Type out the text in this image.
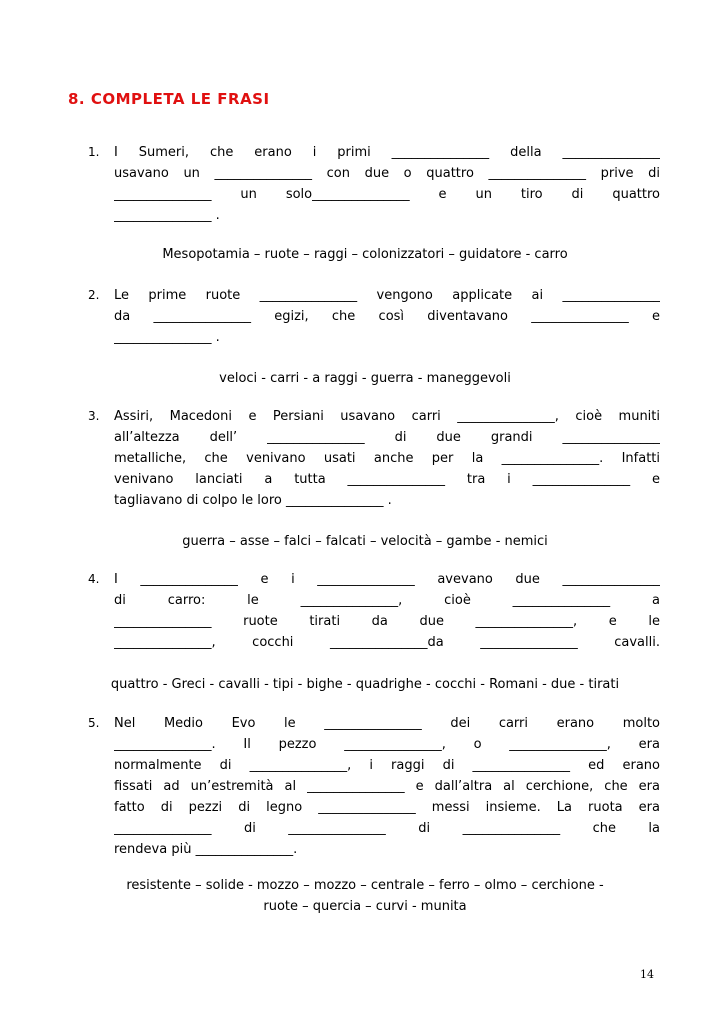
8. COMPLETA LE FRASI
1.	I Sumeri, che erano i primi _______________ della _______________
usavano un _______________ con due o quattro _______________ prive di
_______________ un solo_______________ e un tiro di quattro
_______________ .
Mesopotamia – ruote – raggi – colonizzatori – guidatore - carro
2.	Le prime ruote _______________ vengono applicate ai _______________
da _______________ egizi, che così diventavano _______________ e
_______________ .
veloci - carri - a raggi - guerra - maneggevoli
3.	Assiri, Macedoni e Persiani usavano carri _______________, cioè muniti
all’altezza dell’ _______________ di due grandi _______________
metalliche, che venivano usati anche per la _______________. Infatti
venivano lanciati a tutta _______________ tra i _______________ e
tagliavano di colpo le loro _______________ .
guerra – asse – falci – falcati – velocità – gambe - nemici
4.	I _______________ e i _______________ avevano due _______________
di carro: le _______________, cioè _______________ a
_______________ ruote tirati da due _______________, e le
_______________, cocchi _______________da _______________ cavalli.
quattro - Greci - cavalli - tipi - bighe - quadrighe - cocchi - Romani - due - tirati
5.	Nel Medio Evo le _______________ dei carri erano molto
_______________. Il pezzo _______________, o _______________, era
normalmente di _______________, i raggi di _______________ ed erano
fissati ad un’estremità al _______________ e dall’altra al cerchione, che era
fatto di pezzi di legno _______________ messi insieme. La ruota era
_______________ di _______________ di _______________ che la
rendeva più _______________.
resistente – solide - mozzo – mozzo – centrale – ferro – olmo – cerchione -
ruote – quercia – curvi - munita
14
